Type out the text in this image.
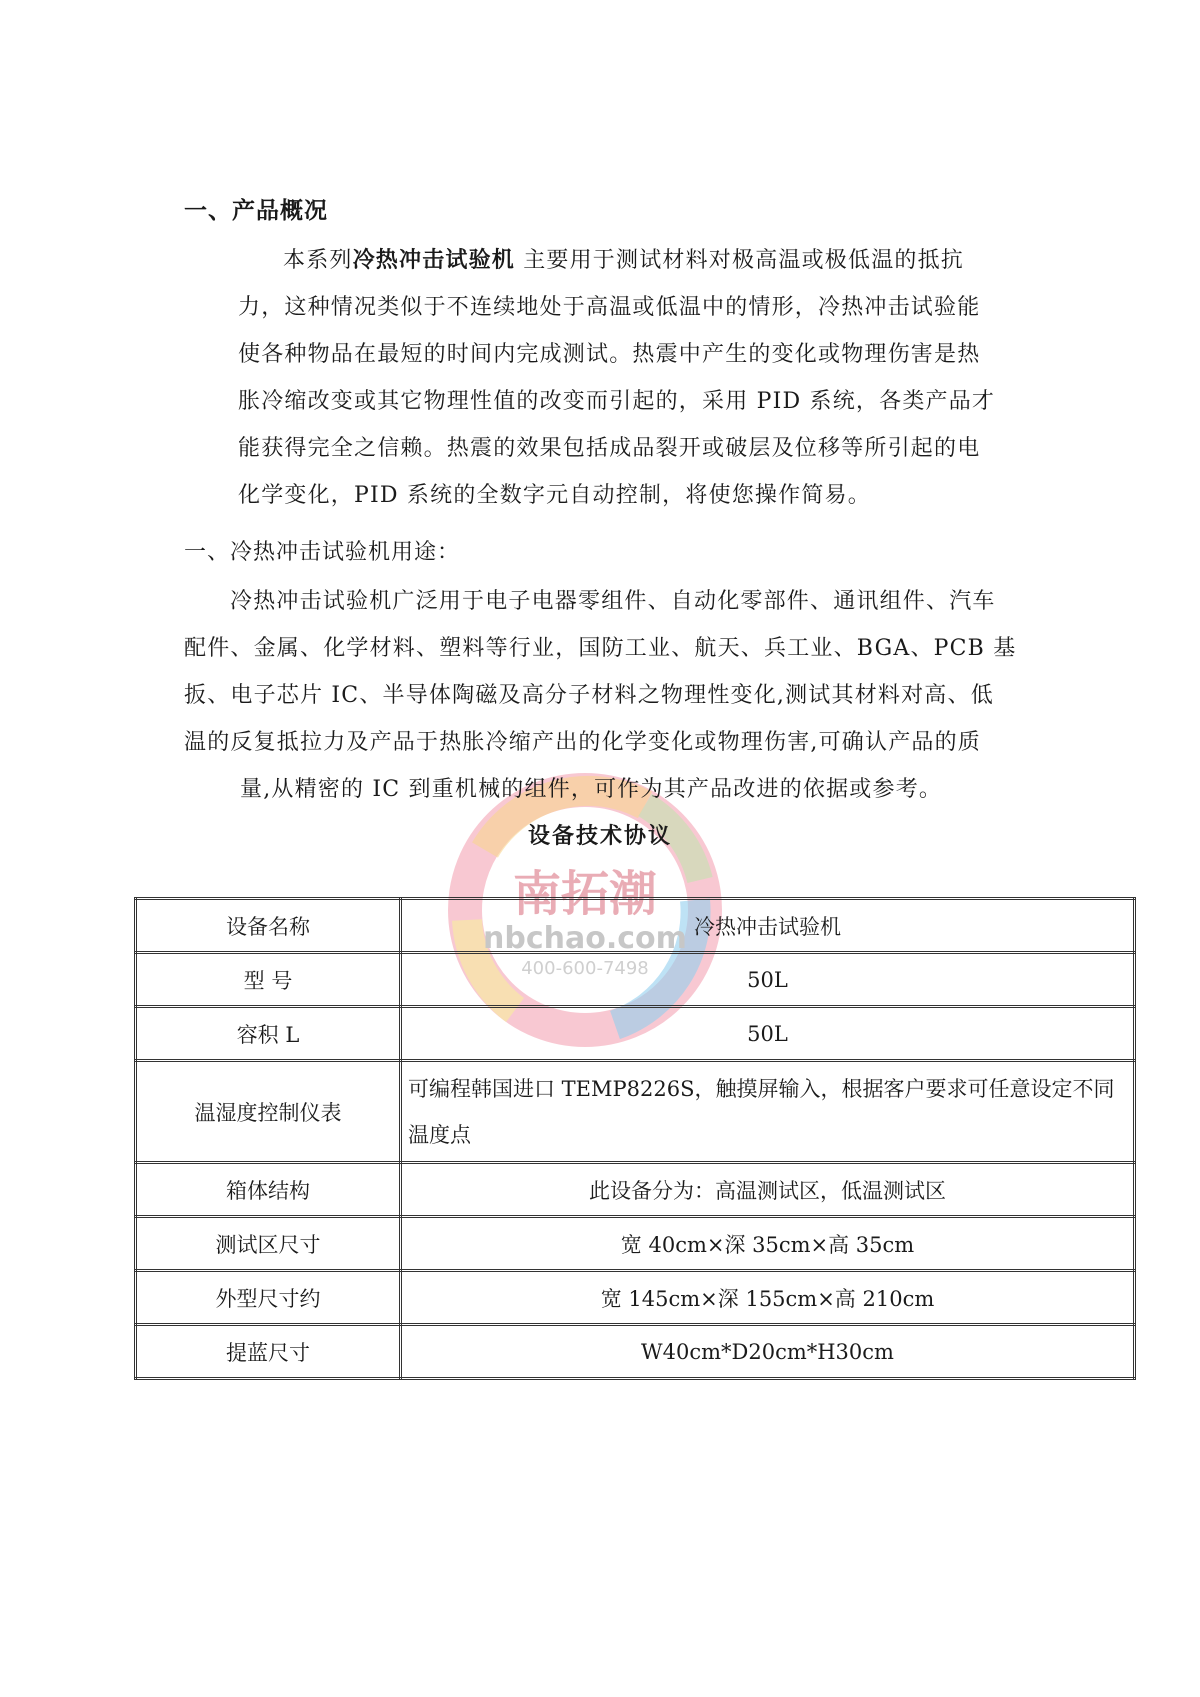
南拓潮
nbchao.com
400-600-7498
一、产品概况
本系列冷热冲击试验机 主要用于测试材料对极高温或极低温的抵抗
力，这种情况类似于不连续地处于高温或低温中的情形，冷热冲击试验能
使各种物品在最短的时间内完成测试。热震中产生的变化或物理伤害是热
胀冷缩改变或其它物理性值的改变而引起的，采用 PID 系统，各类产品才
能获得完全之信赖。热震的效果包括成品裂开或破层及位移等所引起的电
化学变化，PID 系统的全数字元自动控制，将使您操作简易。
一、冷热冲击试验机用途：
冷热冲击试验机广泛用于电子电器零组件、自动化零部件、通讯组件、汽车
配件、金属、化学材料、塑料等行业，国防工业、航天、兵工业、BGA、PCB 基
扳、电子芯片 IC、半导体陶磁及高分子材料之物理性变化,测试其材料对高、低
温的反复抵拉力及产品于热胀冷缩产出的化学变化或物理伤害,可确认产品的质
量,从精密的 IC 到重机械的组件，可作为其产品改进的依据或参考。
设备技术协议
设备名称	冷热冲击试验机
型 号	50L
容积 L	50L
温湿度控制仪表	可编程韩国进口 TEMP8226S，触摸屏输入，根据客户要求可任意设定不同温度点
箱体结构	此设备分为：高温测试区，低温测试区
测试区尺寸	宽 40cm×深 35cm×高 35cm
外型尺寸约	宽 145cm×深 155cm×高 210cm
提蓝尺寸	W40cm*D20cm*H30cm
